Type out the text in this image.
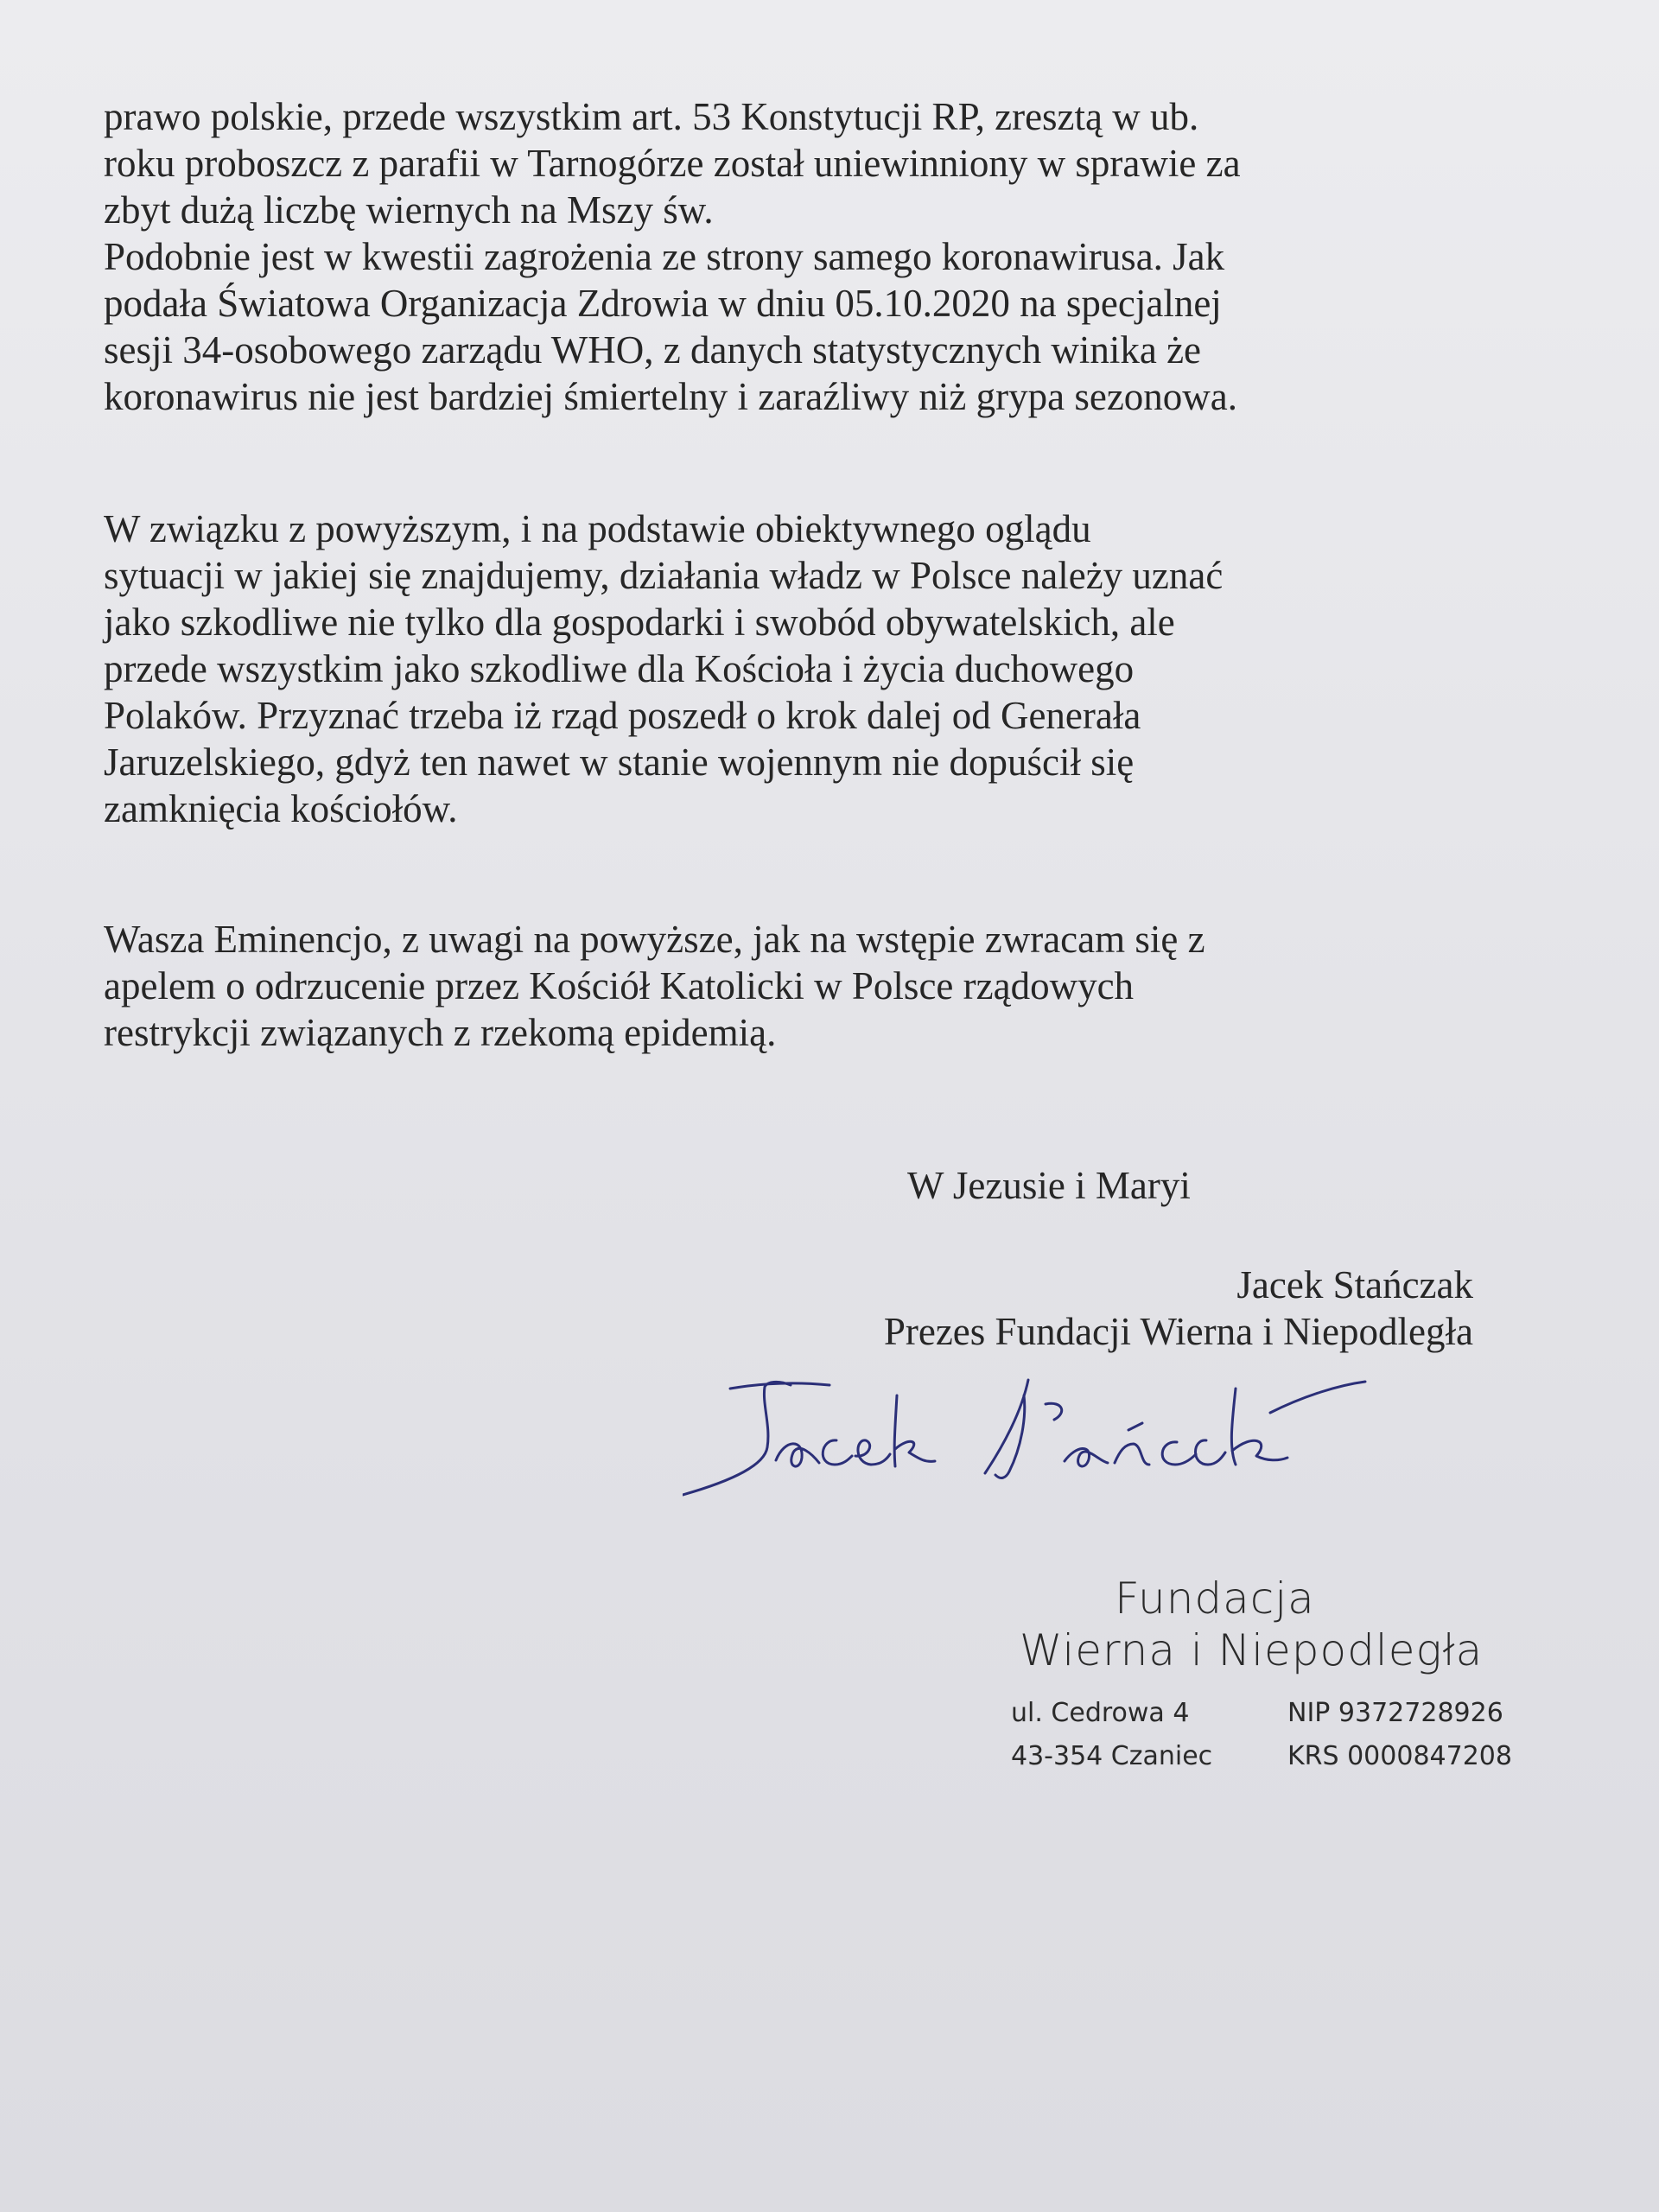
prawo polskie, przede wszystkim art. 53 Konstytucji RP, zresztą w ub.
roku proboszcz z parafii w Tarnogórze został uniewinniony w sprawie za
zbyt dużą liczbę wiernych na Mszy św.
Podobnie jest w kwestii zagrożenia ze strony samego koronawirusa. Jak
podała Światowa Organizacja Zdrowia w dniu 05.10.2020 na specjalnej
sesji 34-osobowego zarządu WHO, z danych statystycznych winika że
koronawirus nie jest bardziej śmiertelny i zaraźliwy niż grypa sezonowa.

W związku z powyższym, i na podstawie obiektywnego oglądu
sytuacji w jakiej się znajdujemy, działania władz w Polsce należy uznać
jako szkodliwe nie tylko dla gospodarki i swobód obywatelskich, ale
przede wszystkim jako szkodliwe dla Kościoła i życia duchowego
Polaków. Przyznać trzeba iż rząd poszedł o krok dalej od Generała
Jaruzelskiego, gdyż ten nawet w stanie wojennym nie dopuścił się
zamknięcia kościołów.

Wasza Eminencjo, z uwagi na powyższe, jak na wstępie zwracam się z
apelem o odrzucenie przez Kościół Katolicki w Polsce rządowych
restrykcji związanych z rzekomą epidemią.

W Jezusie i Maryi
Jacek Stańczak
Prezes Fundacji Wierna i Niepodległa
Fundacja
Wierna i Niepodległa
ul. Cedrowa 4	NIP 9372728926
43-354 Czaniec	KRS 0000847208
